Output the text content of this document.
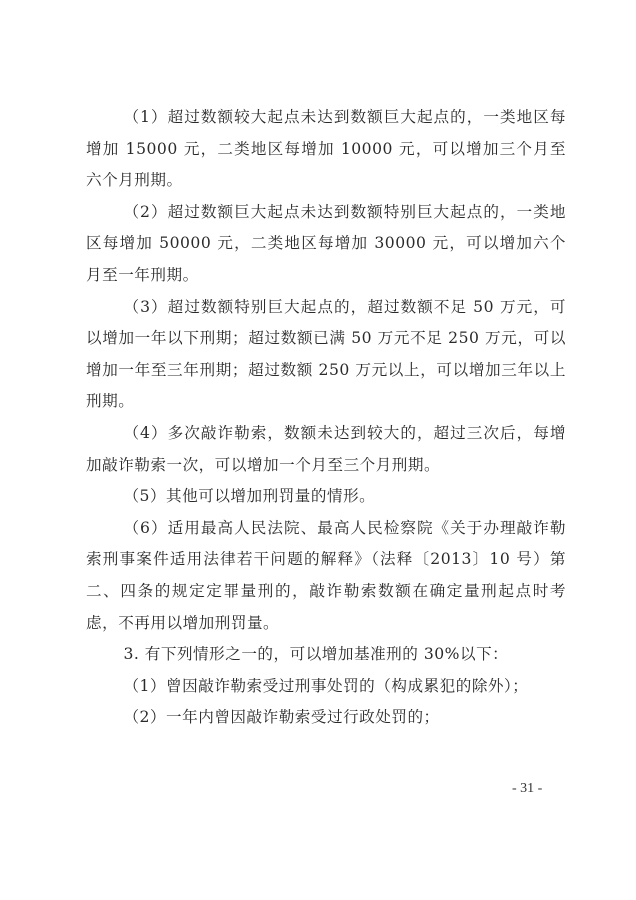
（1）超过数额较大起点未达到数额巨大起点的，一类地区每增加 15000 元，二类地区每增加 10000 元，可以增加三个月至六个月刑期。

（2）超过数额巨大起点未达到数额特别巨大起点的，一类地区每增加 50000 元，二类地区每增加 30000 元，可以增加六个月至一年刑期。

（3）超过数额特别巨大起点的，超过数额不足 50 万元，可以增加一年以下刑期；超过数额已满 50 万元不足 250 万元，可以增加一年至三年刑期；超过数额 250 万元以上，可以增加三年以上刑期。

（4）多次敲诈勒索，数额未达到较大的，超过三次后，每增加敲诈勒索一次，可以增加一个月至三个月刑期。

（5）其他可以增加刑罚量的情形。

（6）适用最高人民法院、最高人民检察院《关于办理敲诈勒索刑事案件适用法律若干问题的解释》（法释〔2013〕10 号）第二、四条的规定定罪量刑的，敲诈勒索数额在确定量刑起点时考虑，不再用以增加刑罚量。

3. 有下列情形之一的，可以增加基准刑的 30%以下：

（1）曾因敲诈勒索受过刑事处罚的（构成累犯的除外）；

（2）一年内曾因敲诈勒索受过行政处罚的；

- 31 -
